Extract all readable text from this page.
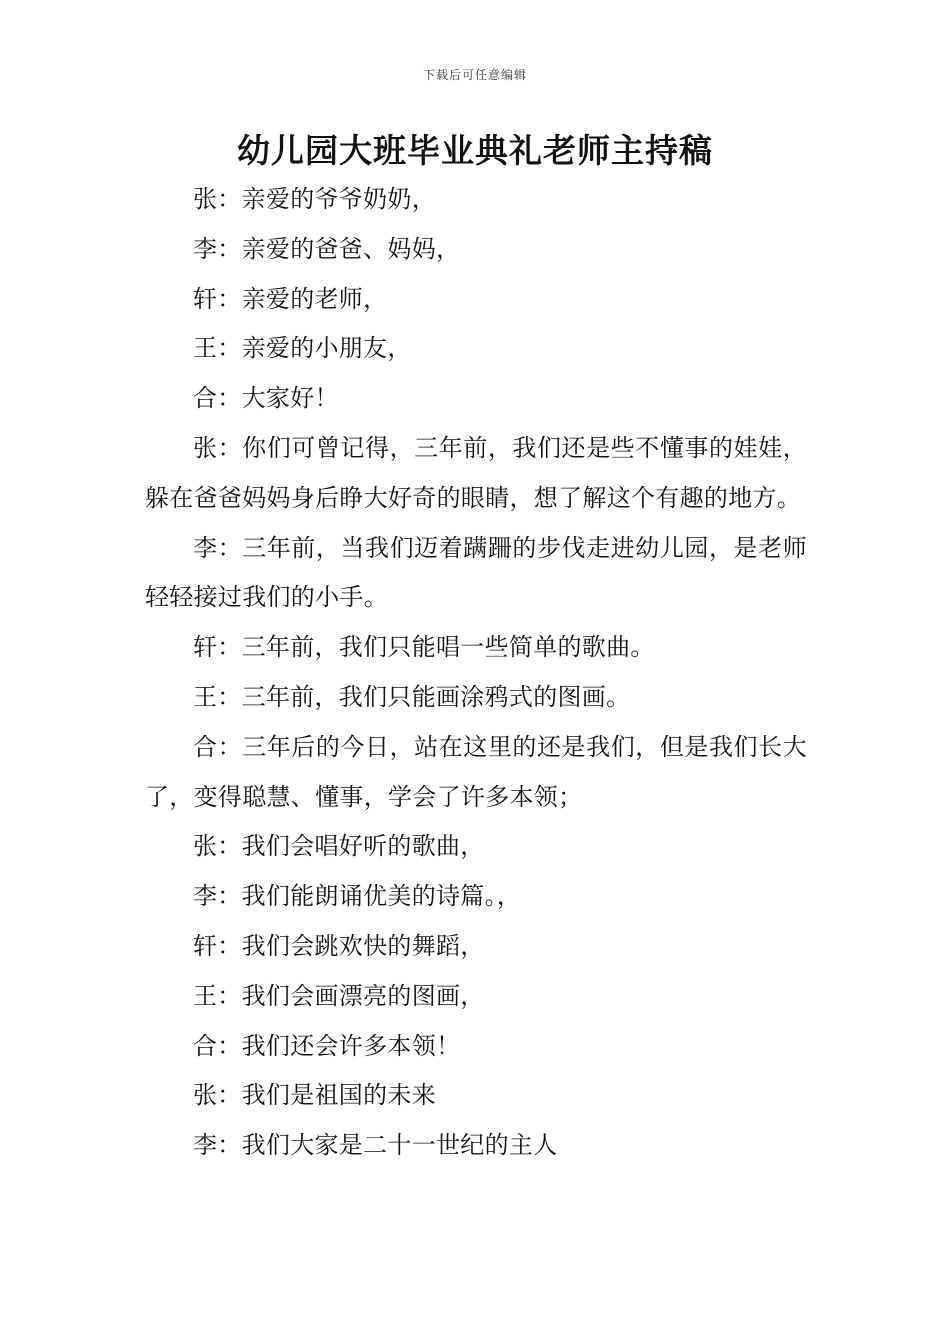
下载后可任意编辑
幼儿园大班毕业典礼老师主持稿

张：亲爱的爷爷奶奶，

李：亲爱的爸爸、妈妈，

轩：亲爱的老师，

王：亲爱的小朋友，

合：大家好！

张：你们可曾记得，三年前，我们还是些不懂事的娃娃，躲在爸爸妈妈身后睁大好奇的眼睛，想了解这个有趣的地方。

李：三年前，当我们迈着蹒跚的步伐走进幼儿园，是老师轻轻接过我们的小手。

轩：三年前，我们只能唱一些简单的歌曲。

王：三年前，我们只能画涂鸦式的图画。

合：三年后的今日，站在这里的还是我们，但是我们长大了，变得聪慧、懂事，学会了许多本领；

张：我们会唱好听的歌曲，

李：我们能朗诵优美的诗篇。，

轩：我们会跳欢快的舞蹈，

王：我们会画漂亮的图画，

合：我们还会许多本领！

张：我们是祖国的未来

李：我们大家是二十一世纪的主人
